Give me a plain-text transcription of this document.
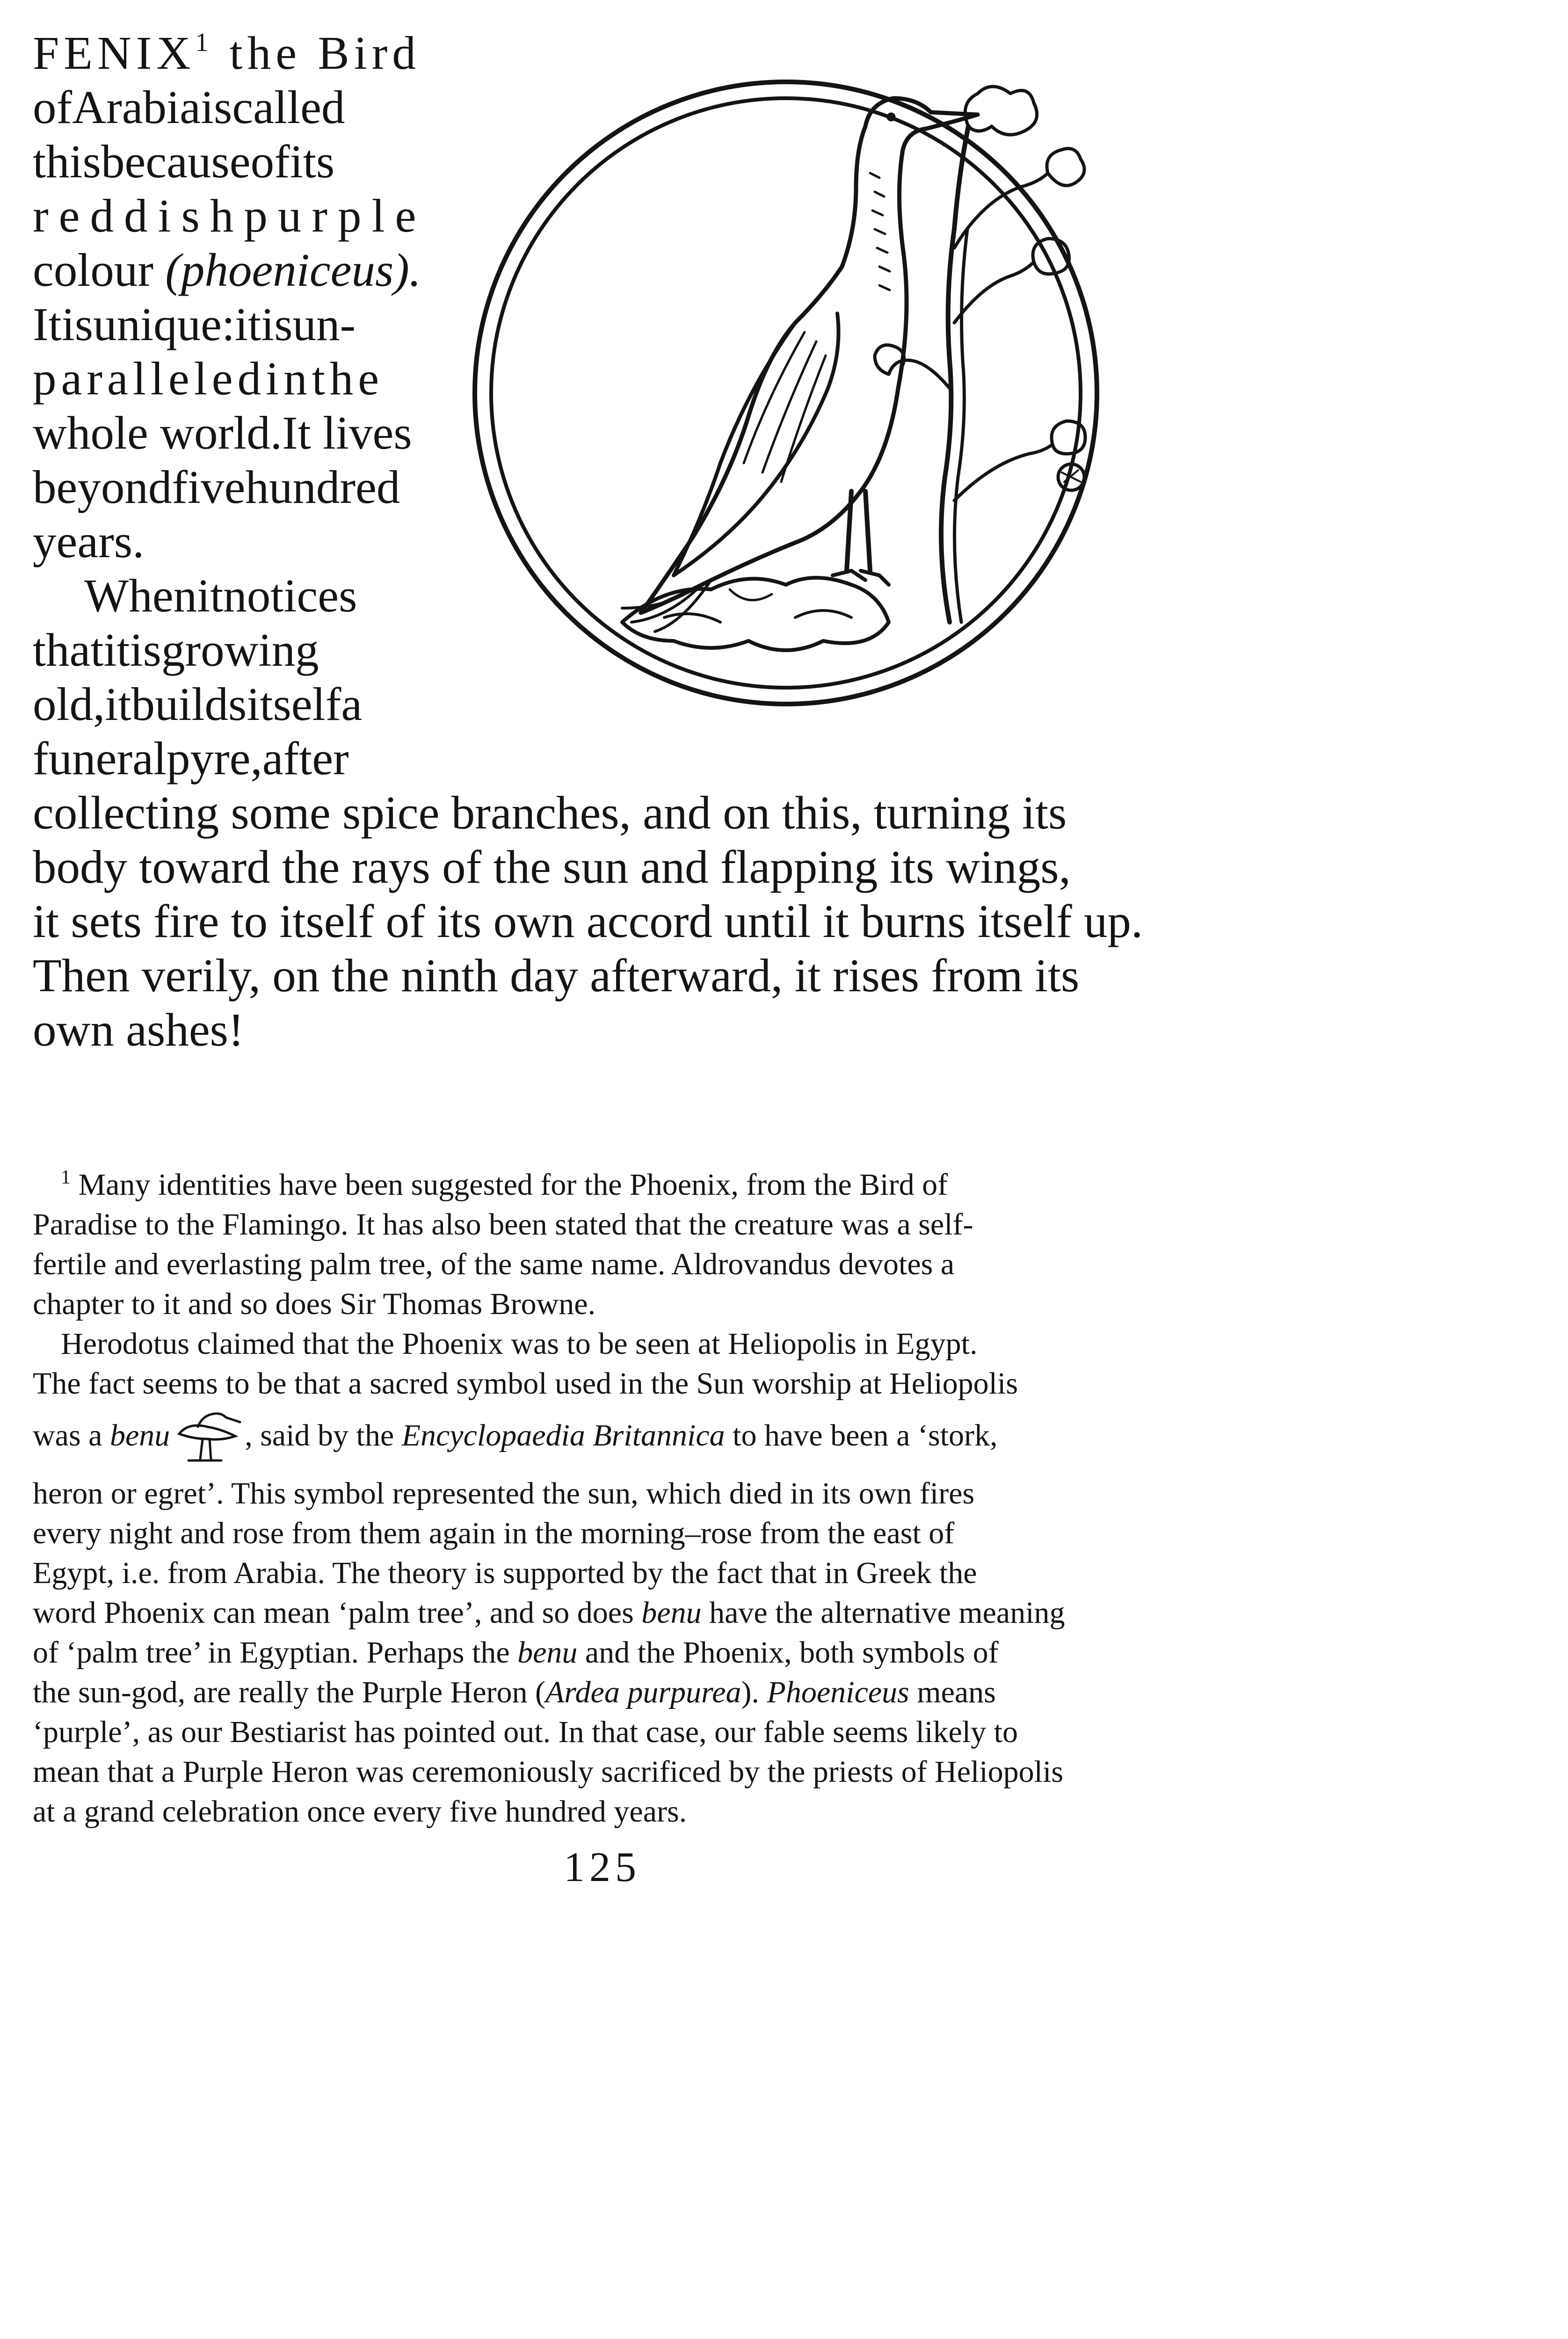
FENIX1 the Bird
ofArabiaiscalled
thisbecauseofits
reddishpurple
colour (phoeniceus).
Itisunique:itisun-
paralleledinthe
whole world.It lives
beyondfivehundred
years.
Whenitnotices
thatitisgrowing
old,itbuildsitselfa
funeralpyre,after
collecting some spice branches, and on this, turning its
body toward the rays of the sun and flapping its wings,
it sets fire to itself of its own accord until it burns itself up.
Then verily, on the ninth day afterward, it rises from its
own ashes!
1 Many identities have been suggested for the Phoenix, from the Bird of
Paradise to the Flamingo. It has also been stated that the creature was a self-
fertile and everlasting palm tree, of the same name. Aldrovandus devotes a
chapter to it and so does Sir Thomas Browne.
Herodotus claimed that the Phoenix was to be seen at Heliopolis in Egypt.
The fact seems to be that a sacred symbol used in the Sun worship at Heliopolis
was a benu , said by the Encyclopaedia Britannica to have been a ‘stork,
heron or egret’. This symbol represented the sun, which died in its own fires
every night and rose from them again in the morning–rose from the east of
Egypt, i.e. from Arabia. The theory is supported by the fact that in Greek the
word Phoenix can mean ‘palm tree’, and so does benu have the alternative meaning
of ‘palm tree’ in Egyptian. Perhaps the benu and the Phoenix, both symbols of
the sun-god, are really the Purple Heron (Ardea purpurea). Phoeniceus means
‘purple’, as our Bestiarist has pointed out. In that case, our fable seems likely to
mean that a Purple Heron was ceremoniously sacrificed by the priests of Heliopolis
at a grand celebration once every five hundred years.
125
